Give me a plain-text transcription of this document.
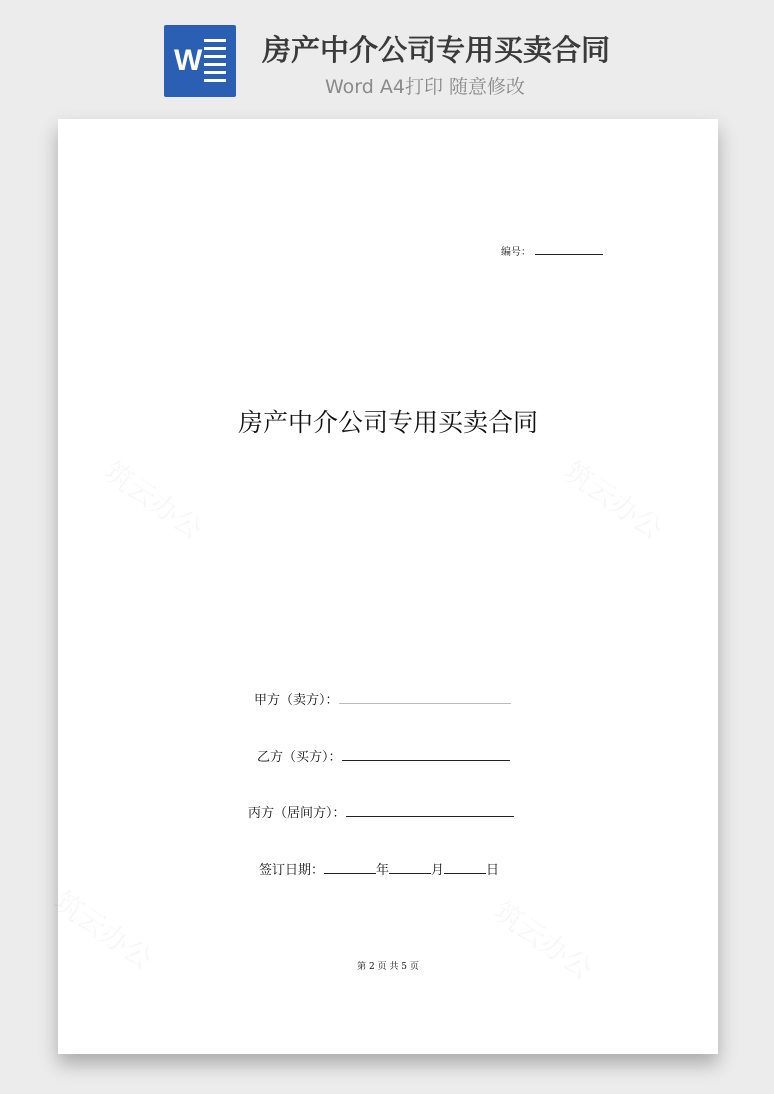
W 房产中介公司专用买卖合同
Word A4打印 随意修改
编号：
房产中介公司专用买卖合同
甲方（卖方）：
乙方（买方）：
丙方（居间方）：
签订日期：	年	月	日
第 2 页 共 5 页
